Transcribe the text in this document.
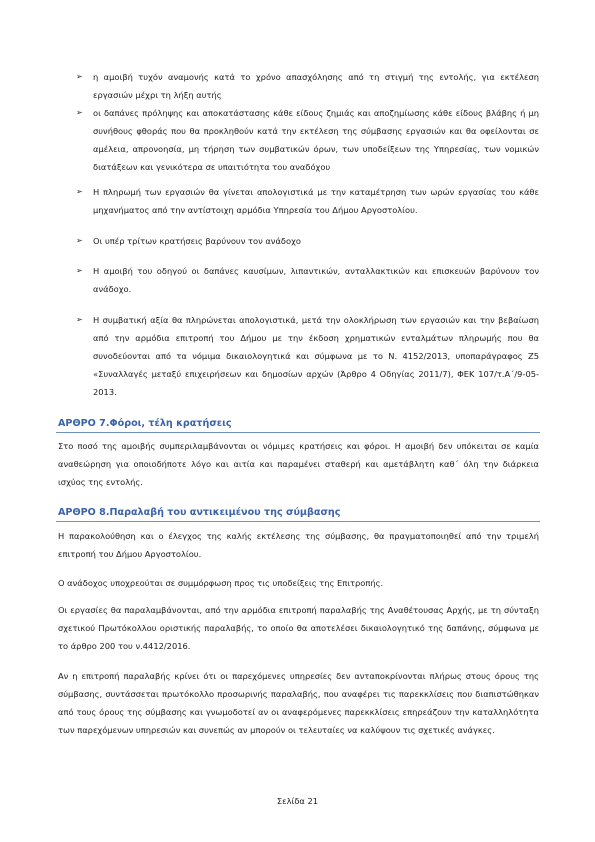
➢ η αμοιβή τυχόν αναμονής κατά το χρόνο απασχόλησης από τη στιγμή της εντολής, για εκτέλεση εργασιών μέχρι τη λήξη αυτής
➢ οι δαπάνες πρόληψης και αποκατάστασης κάθε είδους ζημιάς και αποζημίωσης κάθε είδους βλάβης ή μη συνήθους φθοράς που θα προκληθούν κατά την εκτέλεση της σύμβασης εργασιών και θα οφείλονται σε αμέλεια, απρονοησία, μη τήρηση των συμβατικών όρων, των υποδείξεων της Υπηρεσίας, των νομικών διατάξεων και γενικότερα σε υπαιτιότητα του αναδόχου
➢ Η πληρωμή των εργασιών θα γίνεται απολογιστικά με την καταμέτρηση των ωρών εργασίας του κάθε μηχανήματος από την αντίστοιχη αρμόδια Υπηρεσία του Δήμου Αργοστολίου.
➢ Οι υπέρ τρίτων κρατήσεις βαρύνουν τον ανάδοχο
➢ Η αμοιβή του οδηγού οι δαπάνες καυσίμων, λιπαντικών, ανταλλακτικών και επισκευών βαρύνουν τον ανάδοχο.
➢ Η συμβατική αξία θα πληρώνεται απολογιστικά, μετά την ολοκλήρωση των εργασιών και την βεβαίωση από την αρμόδια επιτροπή του Δήμου με την έκδοση χρηματικών ενταλμάτων πληρωμής που θα συνοδεύονται από τα νόμιμα δικαιολογητικά και σύμφωνα με το Ν. 4152/2013, υποπαράγραφος Ζ5 «Συναλλαγές μεταξύ επιχειρήσεων και δημοσίων αρχών (Άρθρο 4 Οδηγίας 2011/7), ΦΕΚ 107/τ.Α΄/9-05-2013.
ΑΡΘΡΟ 7.Φόροι, τέλη κρατήσεις
Στο ποσό της αμοιβής συμπεριλαμβάνονται οι νόμιμες κρατήσεις και φόροι. Η αμοιβή δεν υπόκειται σε καμία αναθεώρηση για οποιοδήποτε λόγο και αιτία και παραμένει σταθερή και αμετάβλητη καθ΄ όλη την διάρκεια ισχύος της εντολής.
ΑΡΘΡΟ 8.Παραλαβή του αντικειμένου της σύμβασης
Η παρακολούθηση και ο έλεγχος της καλής εκτέλεσης της σύμβασης, θα πραγματοποιηθεί από την τριμελή επιτροπή του Δήμου Αργοστολίου.
Ο ανάδοχος υποχρεούται σε συμμόρφωση προς τις υποδείξεις της Επιτροπής.
Οι εργασίες θα παραλαμβάνονται, από την αρμόδια επιτροπή παραλαβής της Αναθέτουσας Αρχής, με τη σύνταξη σχετικού Πρωτόκολλου οριστικής παραλαβής, το οποίο θα αποτελέσει δικαιολογητικό της δαπάνης, σύμφωνα με το άρθρο 200 του ν.4412/2016.
Αν η επιτροπή παραλαβής κρίνει ότι οι παρεχόμενες υπηρεσίες δεν ανταποκρίνονται πλήρως στους όρους της σύμβασης, συντάσσεται πρωτόκολλο προσωρινής παραλαβής, που αναφέρει τις παρεκκλίσεις που διαπιστώθηκαν από τους όρους της σύμβασης και γνωμοδοτεί αν οι αναφερόμενες παρεκκλίσεις επηρεάζουν την καταλληλότητα των παρεχόμενων υπηρεσιών και συνεπώς αν μπορούν οι τελευταίες να καλύψουν τις σχετικές ανάγκες.
Σελίδα 21
